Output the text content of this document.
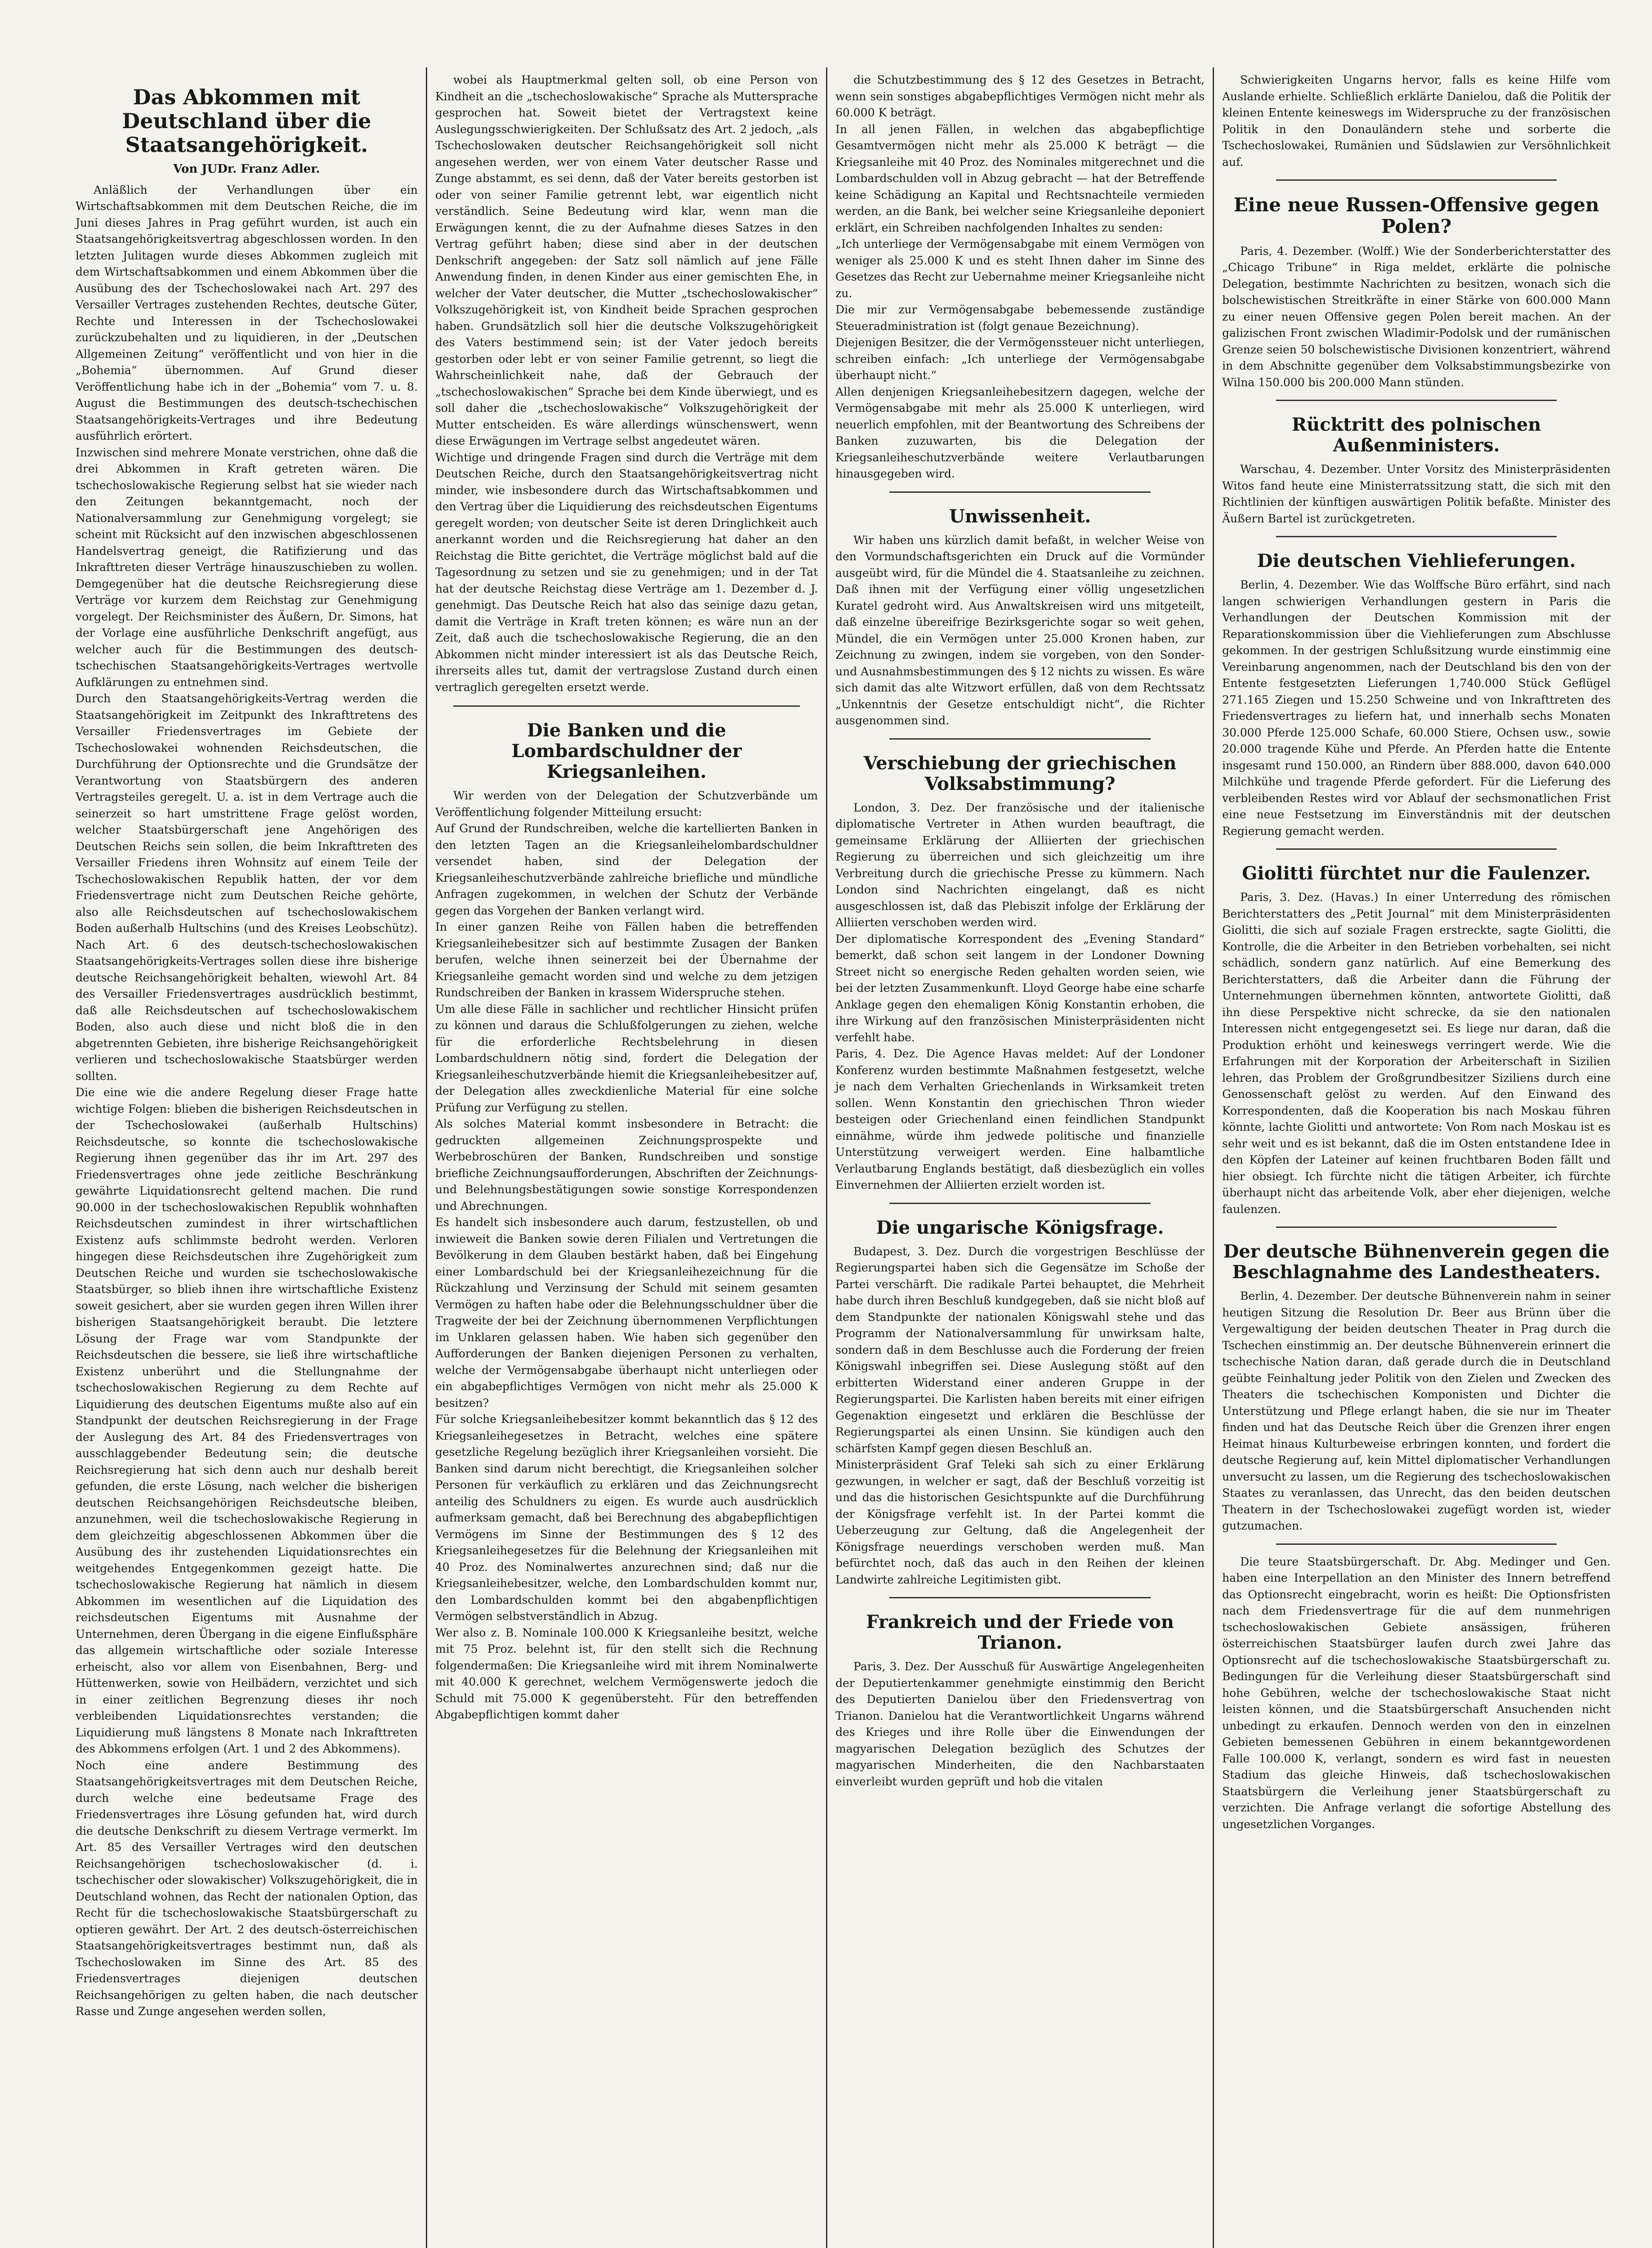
Das Abkommen mit Deutschland über die Staatsangehörigkeit.
Von JUDr. Franz Adler.

Anläßlich der Verhandlungen über ein Wirtschaftsabkommen mit dem Deutschen Reiche, die im Juni dieses Jahres in Prag geführt wurden, ist auch ein Staatsangehörigkeitsvertrag abgeschlossen worden. In den letzten Julitagen wurde dieses Abkommen zugleich mit dem Wirtschaftsabkommen und einem Abkommen über die Ausübung des der Tschechoslowakei nach Art. 297 des Versailler Vertrages zustehenden Rechtes, deutsche Güter, Rechte und Interessen in der Tschechoslowakei zurückzubehalten und zu liquidieren, in der „Deutschen Allgemeinen Zeitung“ veröffentlicht und von hier in die „Bohemia“ übernommen. Auf Grund dieser Veröffentlichung habe ich in der „Bohemia“ vom 7. u. 8. August die Bestimmungen des deutsch-tschechischen Staatsangehörigkeits-Vertrages und ihre Bedeutung ausführlich erörtert.
Inzwischen sind mehrere Monate verstrichen, ohne daß die drei Abkommen in Kraft getreten wären. Die tschechoslowakische Regierung selbst hat sie wieder nach den Zeitungen bekanntgemacht, noch der Nationalversammlung zur Genehmigung vorgelegt; sie scheint mit Rücksicht auf den inzwischen abgeschlossenen Handelsvertrag geneigt, die Ratifizierung und das Inkrafttreten dieser Verträge hinauszuschieben zu wollen. Demgegenüber hat die deutsche Reichsregierung diese Verträge vor kurzem dem Reichstag zur Genehmigung vorgelegt. Der Reichsminister des Äußern, Dr. Simons, hat der Vorlage eine ausführliche Denkschrift angefügt, aus welcher auch für die Bestimmungen des deutsch-tschechischen Staatsangehörigkeits-Vertrages wertvolle Aufklärungen zu entnehmen sind.
Durch den Staatsangehörigkeits-Vertrag werden die Staatsangehörigkeit im Zeitpunkt des Inkrafttretens des Versailler Friedensvertrages im Gebiete der Tschechoslowakei wohnenden Reichsdeutschen, die Durchführung der Optionsrechte und die Grundsätze der Verantwortung von Staatsbürgern des anderen Vertragsteiles geregelt. U. a. ist in dem Vertrage auch die seinerzeit so hart umstrittene Frage gelöst worden, welcher Staatsbürgerschaft jene Angehörigen des Deutschen Reichs sein sollen, die beim Inkrafttreten des Versailler Friedens ihren Wohnsitz auf einem Teile der Tschechoslowakischen Republik hatten, der vor dem Friedensvertrage nicht zum Deutschen Reiche gehörte, also alle Reichsdeutschen auf tschechoslowakischem Boden außerhalb Hultschins (und des Kreises Leobschütz). Nach Art. 6 des deutsch-tschechoslowakischen Staatsangehörigkeits-Vertrages sollen diese ihre bisherige deutsche Reichsangehörigkeit behalten, wiewohl Art. 84 des Versailler Friedensvertrages ausdrücklich bestimmt, daß alle Reichsdeutschen auf tschechoslowakischem Boden, also auch diese und nicht bloß die in den abgetrennten Gebieten, ihre bisherige Reichsangehörigkeit verlieren und tschechoslowakische Staatsbürger werden sollten.
Die eine wie die andere Regelung dieser Frage hatte wichtige Folgen: blieben die bisherigen Reichsdeutschen in der Tschechoslowakei (außerhalb Hultschins) Reichsdeutsche, so konnte die tschechoslowakische Regierung ihnen gegenüber das ihr im Art. 297 des Friedensvertrages ohne jede zeitliche Beschränkung gewährte Liquidationsrecht geltend machen. Die rund 90.000 in der tschechoslowakischen Republik wohnhaften Reichsdeutschen zumindest in ihrer wirtschaftlichen Existenz aufs schlimmste bedroht werden. Verloren hingegen diese Reichsdeutschen ihre Zugehörigkeit zum Deutschen Reiche und wurden sie tschechoslowakische Staatsbürger, so blieb ihnen ihre wirtschaftliche Existenz soweit gesichert, aber sie wurden gegen ihren Willen ihrer bisherigen Staatsangehörigkeit beraubt. Die letztere Lösung der Frage war vom Standpunkte der Reichsdeutschen die bessere, sie ließ ihre wirtschaftliche Existenz unberührt und die Stellungnahme der tschechoslowakischen Regierung zu dem Rechte auf Liquidierung des deutschen Eigentums mußte also auf ein Standpunkt der deutschen Reichsregierung in der Frage der Auslegung des Art. 84 des Friedensvertrages von ausschlaggebender Bedeutung sein; die deutsche Reichsregierung hat sich denn auch nur deshalb bereit gefunden, die erste Lösung, nach welcher die bisherigen deutschen Reichsangehörigen Reichsdeutsche bleiben, anzunehmen, weil die tschechoslowakische Regierung in dem gleichzeitig abgeschlossenen Abkommen über die Ausübung des ihr zustehenden Liquidationsrechtes ein weitgehendes Entgegenkommen gezeigt hatte. Die tschechoslowakische Regierung hat nämlich in diesem Abkommen im wesentlichen auf die Liquidation des reichsdeutschen Eigentums mit Ausnahme der Unternehmen, deren Übergang in die eigene Einflußsphäre das allgemein wirtschaftliche oder soziale Interesse erheischt, also vor allem von Eisenbahnen, Berg- und Hüttenwerken, sowie von Heilbädern, verzichtet und sich in einer zeitlichen Begrenzung dieses ihr noch verbleibenden Liquidationsrechtes verstanden; die Liquidierung muß längstens 8 Monate nach Inkrafttreten des Abkommens erfolgen (Art. 1 und 2 des Abkommens).
Noch eine andere Bestimmung des Staatsangehörigkeitsvertrages mit dem Deutschen Reiche, durch welche eine bedeutsame Frage des Friedensvertrages ihre Lösung gefunden hat, wird durch die deutsche Denkschrift zu diesem Vertrage vermerkt. Im Art. 85 des Versailler Vertrages wird den deutschen Reichsangehörigen tschechoslowakischer (d. i. tschechischer oder slowakischer) Volkszugehörigkeit, die in Deutschland wohnen, das Recht der nationalen Option, das Recht für die tschechoslowakische Staatsbürgerschaft zu optieren gewährt. Der Art. 2 des deutsch-österreichischen Staatsangehörigkeitsvertrages bestimmt nun, daß als Tschechoslowaken im Sinne des Art. 85 des Friedensvertrages diejenigen deutschen Reichsangehörigen zu gelten haben, die nach deutscher Rasse und Zunge angesehen werden sollen,

wobei als Hauptmerkmal gelten soll, ob eine Person von Kindheit an die „tschechoslowakische“ Sprache als Muttersprache gesprochen hat. Soweit bietet der Vertragstext keine Auslegungsschwierigkeiten. Der Schlußsatz des Art. 2 jedoch, „als Tschechoslowaken deutscher Reichsangehörigkeit soll nicht angesehen werden, wer von einem Vater deutscher Rasse und Zunge abstammt, es sei denn, daß der Vater bereits gestorben ist oder von seiner Familie getrennt lebt, war eigentlich nicht verständlich. Seine Bedeutung wird klar, wenn man die Erwägungen kennt, die zu der Aufnahme dieses Satzes in den Vertrag geführt haben; diese sind aber in der deutschen Denkschrift angegeben: der Satz soll nämlich auf jene Fälle Anwendung finden, in denen Kinder aus einer gemischten Ehe, in welcher der Vater deutscher, die Mutter „tschechoslowakischer“ Volkszugehörigkeit ist, von Kindheit beide Sprachen gesprochen haben. Grundsätzlich soll hier die deutsche Volkszugehörigkeit des Vaters bestimmend sein; ist der Vater jedoch bereits gestorben oder lebt er von seiner Familie getrennt, so liegt die Wahrscheinlichkeit nahe, daß der Gebrauch der „tschechoslowakischen“ Sprache bei dem Kinde überwiegt, und es soll daher die „tschechoslowakische“ Volkszugehörigkeit der Mutter entscheiden. Es wäre allerdings wünschenswert, wenn diese Erwägungen im Vertrage selbst angedeutet wären.
Wichtige und dringende Fragen sind durch die Verträge mit dem Deutschen Reiche, durch den Staatsangehörigkeitsvertrag nicht minder, wie insbesondere durch das Wirtschaftsabkommen und den Vertrag über die Liquidierung des reichsdeutschen Eigentums geregelt worden; von deutscher Seite ist deren Dringlichkeit auch anerkannt worden und die Reichsregierung hat daher an den Reichstag die Bitte gerichtet, die Verträge möglichst bald auf die Tagesordnung zu setzen und sie zu genehmigen; und in der Tat hat der deutsche Reichstag diese Verträge am 1. Dezember d. J. genehmigt. Das Deutsche Reich hat also das seinige dazu getan, damit die Verträge in Kraft treten können; es wäre nun an der Zeit, daß auch die tschechoslowakische Regierung, die an den Abkommen nicht minder interessiert ist als das Deutsche Reich, ihrerseits alles tut, damit der vertragslose Zustand durch einen vertraglich geregelten ersetzt werde.

Die Banken und die Lombardschuldner der Kriegsanleihen.

Wir werden von der Delegation der Schutzverbände um Veröffentlichung folgender Mitteilung ersucht:
Auf Grund der Rundschreiben, welche die kartellierten Banken in den letzten Tagen an die Kriegsanleihelombardschuldner versendet haben, sind der Delegation der Kriegsanleiheschutzverbände zahlreiche briefliche und mündliche Anfragen zugekommen, in welchen der Schutz der Verbände gegen das Vorgehen der Banken verlangt wird.
In einer ganzen Reihe von Fällen haben die betreffenden Kriegsanleihebesitzer sich auf bestimmte Zusagen der Banken berufen, welche ihnen seinerzeit bei der Übernahme der Kriegsanleihe gemacht worden sind und welche zu dem jetzigen Rundschreiben der Banken in krassem Widerspruche stehen.
Um alle diese Fälle in sachlicher und rechtlicher Hinsicht prüfen zu können und daraus die Schlußfolgerungen zu ziehen, welche für die erforderliche Rechtsbelehrung in diesen Lombardschuldnern nötig sind, fordert die Delegation der Kriegsanleiheschutzverbände hiemit die Kriegsanleihebesitzer auf, der Delegation alles zweckdienliche Material für eine solche Prüfung zur Verfügung zu stellen.
Als solches Material kommt insbesondere in Betracht: die gedruckten allgemeinen Zeichnungsprospekte und Werbebroschüren der Banken, Rundschreiben und sonstige briefliche Zeichnungsaufforderungen, Abschriften der Zeichnungs- und Belehnungsbestätigungen sowie sonstige Korrespondenzen und Abrechnungen.
Es handelt sich insbesondere auch darum, festzustellen, ob und inwieweit die Banken sowie deren Filialen und Vertretungen die Bevölkerung in dem Glauben bestärkt haben, daß bei Eingehung einer Lombardschuld bei der Kriegsanleihezeichnung für die Rückzahlung und Verzinsung der Schuld mit seinem gesamten Vermögen zu haften habe oder die Belehnungsschuldner über die Tragweite der bei der Zeichnung übernommenen Verpflichtungen im Unklaren gelassen haben. Wie haben sich gegenüber den Aufforderungen der Banken diejenigen Personen zu verhalten, welche der Vermögensabgabe überhaupt nicht unterliegen oder ein abgabepflichtiges Vermögen von nicht mehr als 25.000 K besitzen?
Für solche Kriegsanleihebesitzer kommt bekanntlich das § 12 des Kriegsanleihegesetzes in Betracht, welches eine spätere gesetzliche Regelung bezüglich ihrer Kriegsanleihen vorsieht. Die Banken sind darum nicht berechtigt, die Kriegsanleihen solcher Personen für verkäuflich zu erklären und das Zeichnungsrecht anteilig des Schuldners zu eigen. Es wurde auch ausdrücklich aufmerksam gemacht, daß bei Berechnung des abgabepflichtigen Vermögens im Sinne der Bestimmungen des § 12 des Kriegsanleihegesetzes für die Belehnung der Kriegsanleihen mit 40 Proz. des Nominalwertes anzurechnen sind; daß nur die Kriegsanleihebesitzer, welche, den Lombardschulden kommt nur, den Lombardschulden kommt bei den abgabenpflichtigen Vermögen selbstverständlich in Abzug.
Wer also z. B. Nominale 100.000 K Kriegsanleihe besitzt, welche mit 75 Proz. belehnt ist, für den stellt sich die Rechnung folgendermaßen: Die Kriegsanleihe wird mit ihrem Nominalwerte mit 40.000 K gerechnet, welchem Vermögenswerte jedoch die Schuld mit 75.000 K gegenübersteht. Für den betreffenden Abgabepflichtigen kommt daher

die Schutzbestimmung des § 12 des Gesetzes in Betracht, wenn sein sonstiges abgabepflichtiges Vermögen nicht mehr als 60.000 K beträgt.
In all jenen Fällen, in welchen das abgabepflichtige Gesamtvermögen nicht mehr als 25.000 K beträgt — die Kriegsanleihe mit 40 Proz. des Nominales mitgerechnet und die Lombardschulden voll in Abzug gebracht — hat der Betreffende keine Schädigung an Kapital und Rechtsnachteile vermieden werden, an die Bank, bei welcher seine Kriegsanleihe deponiert erklärt, ein Schreiben nachfolgenden Inhaltes zu senden:
„Ich unterliege der Vermögensabgabe mit einem Vermögen von weniger als 25.000 K und es steht Ihnen daher im Sinne des Gesetzes das Recht zur Uebernahme meiner Kriegsanleihe nicht zu.
Die mir zur Vermögensabgabe bebemessende zuständige Steueradministration ist (folgt genaue Bezeichnung).
Diejenigen Besitzer, die der Vermögenssteuer nicht unterliegen, schreiben einfach: „Ich unterliege der Vermögensabgabe überhaupt nicht.“
Allen denjenigen Kriegsanleihebesitzern dagegen, welche der Vermögensabgabe mit mehr als 25.000 K unterliegen, wird neuerlich empfohlen, mit der Beantwortung des Schreibens der Banken zuzuwarten, bis die Delegation der Kriegsanleiheschutzverbände weitere Verlautbarungen hinausgegeben wird.

Unwissenheit.

Wir haben uns kürzlich damit befaßt, in welcher Weise von den Vormundschaftsgerichten ein Druck auf die Vormünder ausgeübt wird, für die Mündel die 4. Staatsanleihe zu zeichnen. Daß ihnen mit der Verfügung einer völlig ungesetzlichen Kuratel gedroht wird. Aus Anwaltskreisen wird uns mitgeteilt, daß einzelne übereifrige Bezirksgerichte sogar so weit gehen, Mündel, die ein Vermögen unter 25.000 Kronen haben, zur Zeichnung zu zwingen, indem sie vorgeben, von den Sonder- und Ausnahmsbestimmungen des § 12 nichts zu wissen. Es wäre sich damit das alte Witzwort erfüllen, daß von dem Rechtssatz „Unkenntnis der Gesetze entschuldigt nicht“, die Richter ausgenommen sind.

Verschiebung der griechischen Volksabstimmung?

London, 3. Dez. Der französische und der italienische diplomatische Vertreter in Athen wurden beauftragt, die gemeinsame Erklärung der Alliierten der griechischen Regierung zu überreichen und sich gleichzeitig um ihre Verbreitung durch die griechische Presse zu kümmern. Nach London sind Nachrichten eingelangt, daß es nicht ausgeschlossen ist, daß das Plebiszit infolge der Erklärung der Alliierten verschoben werden wird.
Der diplomatische Korrespondent des „Evening Standard“ bemerkt, daß schon seit langem in der Londoner Downing Street nicht so energische Reden gehalten worden seien, wie bei der letzten Zusammenkunft. Lloyd George habe eine scharfe Anklage gegen den ehemaligen König Konstantin erhoben, die ihre Wirkung auf den französischen Ministerpräsidenten nicht verfehlt habe.
Paris, 4. Dez. Die Agence Havas meldet: Auf der Londoner Konferenz wurden bestimmte Maßnahmen festgesetzt, welche je nach dem Verhalten Griechenlands in Wirksamkeit treten sollen. Wenn Konstantin den griechischen Thron wieder besteigen oder Griechenland einen feindlichen Standpunkt einnähme, würde ihm jedwede politische und finanzielle Unterstützung verweigert werden. Eine halbamtliche Verlautbarung Englands bestätigt, daß diesbezüglich ein volles Einvernehmen der Alliierten erzielt worden ist.

Die ungarische Königsfrage.

Budapest, 3. Dez. Durch die vorgestrigen Beschlüsse der Regierungspartei haben sich die Gegensätze im Schoße der Partei verschärft. Die radikale Partei behauptet, die Mehrheit habe durch ihren Beschluß kundgegeben, daß sie nicht bloß auf dem Standpunkte der nationalen Königswahl stehe und das Programm der Nationalversammlung für unwirksam halte, sondern daß in dem Beschlusse auch die Forderung der freien Königswahl inbegriffen sei. Diese Auslegung stößt auf den erbitterten Widerstand einer anderen Gruppe in der Regierungspartei. Die Karlisten haben bereits mit einer eifrigen Gegenaktion eingesetzt und erklären die Beschlüsse der Regierungspartei als einen Unsinn. Sie kündigen auch den schärfsten Kampf gegen diesen Beschluß an.
Ministerpräsident Graf Teleki sah sich zu einer Erklärung gezwungen, in welcher er sagt, daß der Beschluß vorzeitig ist und das die historischen Gesichtspunkte auf die Durchführung der Königsfrage verfehlt ist. In der Partei kommt die Ueberzeugung zur Geltung, daß die Angelegenheit der Königsfrage neuerdings verschoben werden muß. Man befürchtet noch, daß das auch in den Reihen der kleinen Landwirte zahlreiche Legitimisten gibt.

Frankreich und der Friede von Trianon.

Paris, 3. Dez. Der Ausschuß für Auswärtige Angelegenheiten der Deputiertenkammer genehmigte einstimmig den Bericht des Deputierten Danielou über den Friedensvertrag von Trianon. Danielou hat die Verantwortlichkeit Ungarns während des Krieges und ihre Rolle über die Einwendungen der magyarischen Delegation bezüglich des Schutzes der magyarischen Minderheiten, die den Nachbarstaaten einverleibt wurden geprüft und hob die vitalen

Schwierigkeiten Ungarns hervor, falls es keine Hilfe vom Auslande erhielte. Schließlich erklärte Danielou, daß die Politik der kleinen Entente keineswegs im Widerspruche zu der französischen Politik in den Donauländern stehe und sorberte die Tschechoslowakei, Rumänien und Südslawien zur Versöhnlichkeit auf.

Eine neue Russen-Offensive gegen Polen?

Paris, 4. Dezember. (Wolff.) Wie der Sonderberichterstatter des „Chicago Tribune“ in Riga meldet, erklärte die polnische Delegation, bestimmte Nachrichten zu besitzen, wonach sich die bolschewistischen Streitkräfte in einer Stärke von 600.000 Mann zu einer neuen Offensive gegen Polen bereit machen. An der galizischen Front zwischen Wladimir-Podolsk und der rumänischen Grenze seien 50 bolschewistische Divisionen konzentriert, während in dem Abschnitte gegenüber dem Volksabstimmungsbezirke von Wilna 150.000 bis 200.000 Mann stünden.

Rücktritt des polnischen Außenministers.

Warschau, 4. Dezember. Unter Vorsitz des Ministerpräsidenten Witos fand heute eine Ministerratssitzung statt, die sich mit den Richtlinien der künftigen auswärtigen Politik befaßte. Minister des Äußern Bartel ist zurückgetreten.

Die deutschen Viehlieferungen.

Berlin, 4. Dezember. Wie das Wolffsche Büro erfährt, sind nach langen schwierigen Verhandlungen gestern in Paris die Verhandlungen der Deutschen Kommission mit der Reparationskommission über die Viehlieferungen zum Abschlusse gekommen. In der gestrigen Schlußsitzung wurde einstimmig eine Vereinbarung angenommen, nach der Deutschland bis den von der Entente festgesetzten Lieferungen 1,740.000 Stück Geflügel 271.165 Ziegen und 15.250 Schweine und von Inkrafttreten des Friedensvertrages zu liefern hat, und innerhalb sechs Monaten 30.000 Pferde 125.000 Schafe, 60.000 Stiere, Ochsen usw., sowie 20.000 tragende Kühe und Pferde. An Pferden hatte die Entente insgesamt rund 150.000, an Rindern über 888.000, davon 640.000 Milchkühe und tragende Pferde gefordert. Für die Lieferung des verbleibenden Restes wird vor Ablauf der sechsmonatlichen Frist eine neue Festsetzung im Einverständnis mit der deutschen Regierung gemacht werden.

Giolitti fürchtet nur die Faulenzer.

Paris, 3. Dez. (Havas.) In einer Unterredung des römischen Berichterstatters des „Petit Journal“ mit dem Ministerpräsidenten Giolitti, die sich auf soziale Fragen erstreckte, sagte Giolitti, die Kontrolle, die die Arbeiter in den Betrieben vorbehalten, sei nicht schädlich, sondern ganz natürlich. Auf eine Bemerkung des Berichterstatters, daß die Arbeiter dann die Führung der Unternehmungen übernehmen könnten, antwortete Giolitti, daß ihn diese Perspektive nicht schrecke, da sie den nationalen Interessen nicht entgegengesetzt sei. Es liege nur daran, daß die Produktion erhöht und keineswegs verringert werde. Wie die Erfahrungen mit der Korporation der Arbeiterschaft in Sizilien lehren, das Problem der Großgrundbesitzer Siziliens durch eine Genossenschaft gelöst zu werden. Auf den Einwand des Korrespondenten, daß die Kooperation bis nach Moskau führen könnte, lachte Giolitti und antwortete: Von Rom nach Moskau ist es sehr weit und es ist bekannt, daß die im Osten entstandene Idee in den Köpfen der Lateiner auf keinen fruchtbaren Boden fällt und hier obsiegt. Ich fürchte nicht die tätigen Arbeiter, ich fürchte überhaupt nicht das arbeitende Volk, aber eher diejenigen, welche faulenzen.

Der deutsche Bühnenverein gegen die Beschlagnahme des Landestheaters.

Berlin, 4. Dezember. Der deutsche Bühnenverein nahm in seiner heutigen Sitzung die Resolution Dr. Beer aus Brünn über die Vergewaltigung der beiden deutschen Theater in Prag durch die Tschechen einstimmig an. Der deutsche Bühnenverein erinnert die tschechische Nation daran, daß gerade durch die in Deutschland geübte Feinhaltung jeder Politik von den Zielen und Zwecken des Theaters die tschechischen Komponisten und Dichter die Unterstützung und Pflege erlangt haben, die sie nur im Theater finden und hat das Deutsche Reich über die Grenzen ihrer engen Heimat hinaus Kulturbeweise erbringen konnten, und fordert die deutsche Regierung auf, kein Mittel diplomatischer Verhandlungen unversucht zu lassen, um die Regierung des tschechoslowakischen Staates zu veranlassen, das Unrecht, das den beiden deutschen Theatern in der Tschechoslowakei zugefügt worden ist, wieder gutzumachen.

Die teure Staatsbürgerschaft. Dr. Abg. Medinger und Gen. haben eine Interpellation an den Minister des Innern betreffend das Optionsrecht eingebracht, worin es heißt: Die Optionsfristen nach dem Friedensvertrage für die auf dem nunmehrigen tschechoslowakischen Gebiete ansässigen, früheren österreichischen Staatsbürger laufen durch zwei Jahre das Optionsrecht auf die tschechoslowakische Staatsbürgerschaft zu. Bedingungen für die Verleihung dieser Staatsbürgerschaft sind hohe Gebühren, welche der tschechoslowakische Staat nicht leisten können, und die Staatsbürgerschaft Ansuchenden nicht unbedingt zu erkaufen. Dennoch werden von den in einzelnen Gebieten bemessenen Gebühren in einem bekanntgewordenen Falle 100.000 K, verlangt, sondern es wird fast in neuesten Stadium das gleiche Hinweis, daß tschechoslowakischen Staatsbürgern die Verleihung jener Staatsbürgerschaft zu verzichten. Die Anfrage verlangt die sofortige Abstellung des ungesetzlichen Vorganges.
